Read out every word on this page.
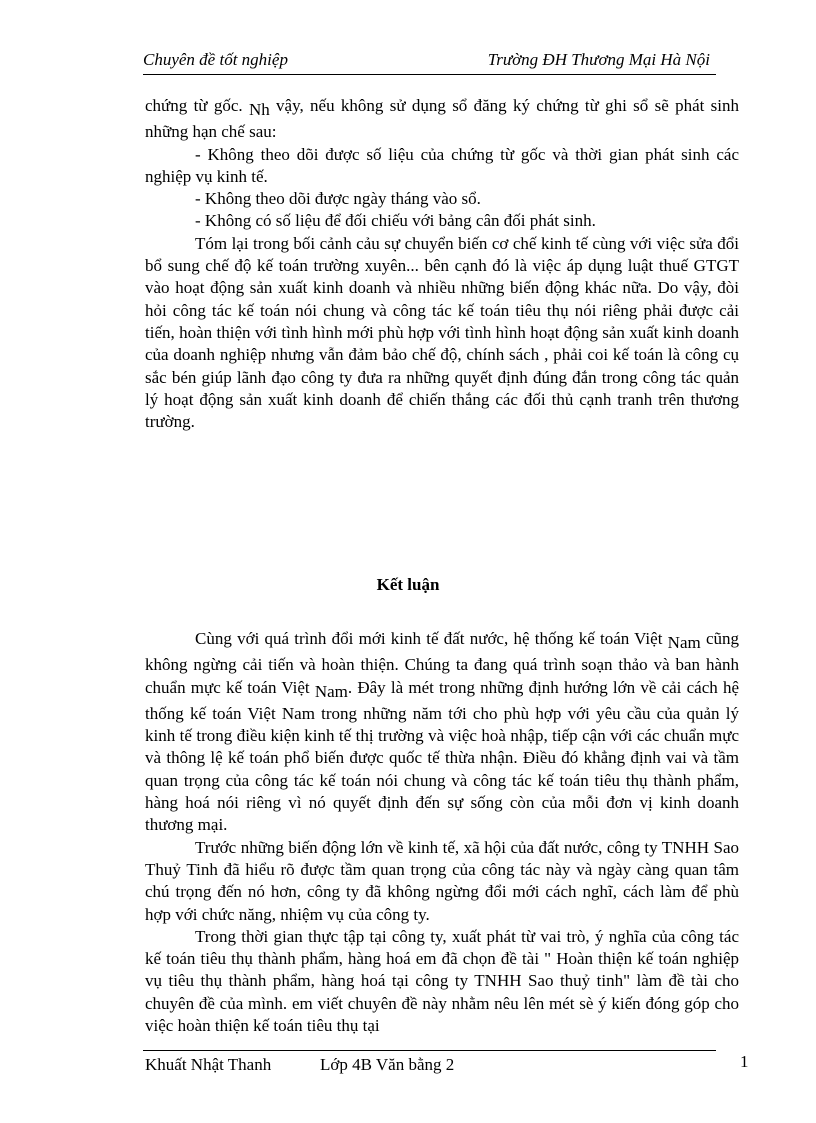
Chuyên đề tốt nghiệp	Trường ĐH Thương Mại Hà Nội

chứng từ gốc. Nh vậy, nếu không sử dụng sổ đăng ký chứng từ ghi sổ sẽ phát sinh những hạn chế sau:

- Không theo dõi được số liệu của chứng từ gốc và thời gian phát sinh các nghiệp vụ kinh tế.

- Không theo dõi được ngày tháng vào sổ.

- Không có số liệu để đối chiếu với bảng cân đối phát sinh.

Tóm lại trong bối cảnh cảu sự chuyển biến cơ chế kinh tế cùng với việc sửa đổi bổ sung chế độ kế toán trường xuyên... bên cạnh đó là việc áp dụng luật thuế GTGT vào hoạt động sản xuất kinh doanh và nhiều những biến động khác nữa. Do vậy, đòi hỏi công tác kế toán nói chung và công tác kế toán tiêu thụ nói riêng phải được cải tiến, hoàn thiện với tình hình mới phù hợp với tình hình hoạt động sản xuất kinh doanh của doanh nghiệp nhưng vẫn đảm bảo chế độ, chính sách , phải coi kế toán là công cụ sắc bén giúp lãnh đạo công ty đưa ra những quyết định đúng đắn trong công tác quản lý hoạt động sản xuất kinh doanh để chiến thắng các đối thủ cạnh tranh trên thương trường.

Kết luận

Cùng với quá trình đổi mới kinh tế đất nước, hệ thống kế toán Việt Nam cũng không ngừng cải tiến và hoàn thiện. Chúng ta đang quá trình soạn thảo và ban hành chuẩn mực kế toán Việt Nam. Đây là mét trong những định hướng lớn về cải cách hệ thống kế toán Việt Nam trong những năm tới cho phù hợp với yêu cầu của quản lý kinh tế trong điều kiện kinh tế thị trường và việc hoà nhập, tiếp cận với các chuẩn mực và thông lệ kế toán phổ biến được quốc tế thừa nhận. Điều đó khẳng định vai và tầm quan trọng của công tác kế toán nói chung và công tác kế toán tiêu thụ thành phẩm, hàng hoá nói riêng vì nó quyết định đến sự sống còn của mỗi đơn vị kinh doanh thương mại.

Trước những biến động lớn về kinh tế, xã hội của đất nước, công ty TNHH Sao Thuỷ Tinh đã hiểu rõ được tầm quan trọng của công tác này và ngày càng quan tâm chú trọng đến nó hơn, công ty đã không ngừng đổi mới cách nghĩ, cách làm để phù hợp với chức năng, nhiệm vụ của công ty.

Trong thời gian thực tập tại công ty, xuất phát từ vai trò, ý nghĩa của công tác kế toán tiêu thụ thành phẩm, hàng hoá em đã chọn đề tài " Hoàn thiện kế toán nghiệp vụ tiêu thụ thành phẩm, hàng hoá tại công ty TNHH Sao thuỷ tinh" làm đề tài cho chuyên đề của mình. em viết chuyên đề này nhằm nêu lên mét sè ý kiến đóng góp cho việc hoàn thiện kế toán tiêu thụ tại

Khuất Nhật Thanh	Lớp 4B Văn bằng 2	1
